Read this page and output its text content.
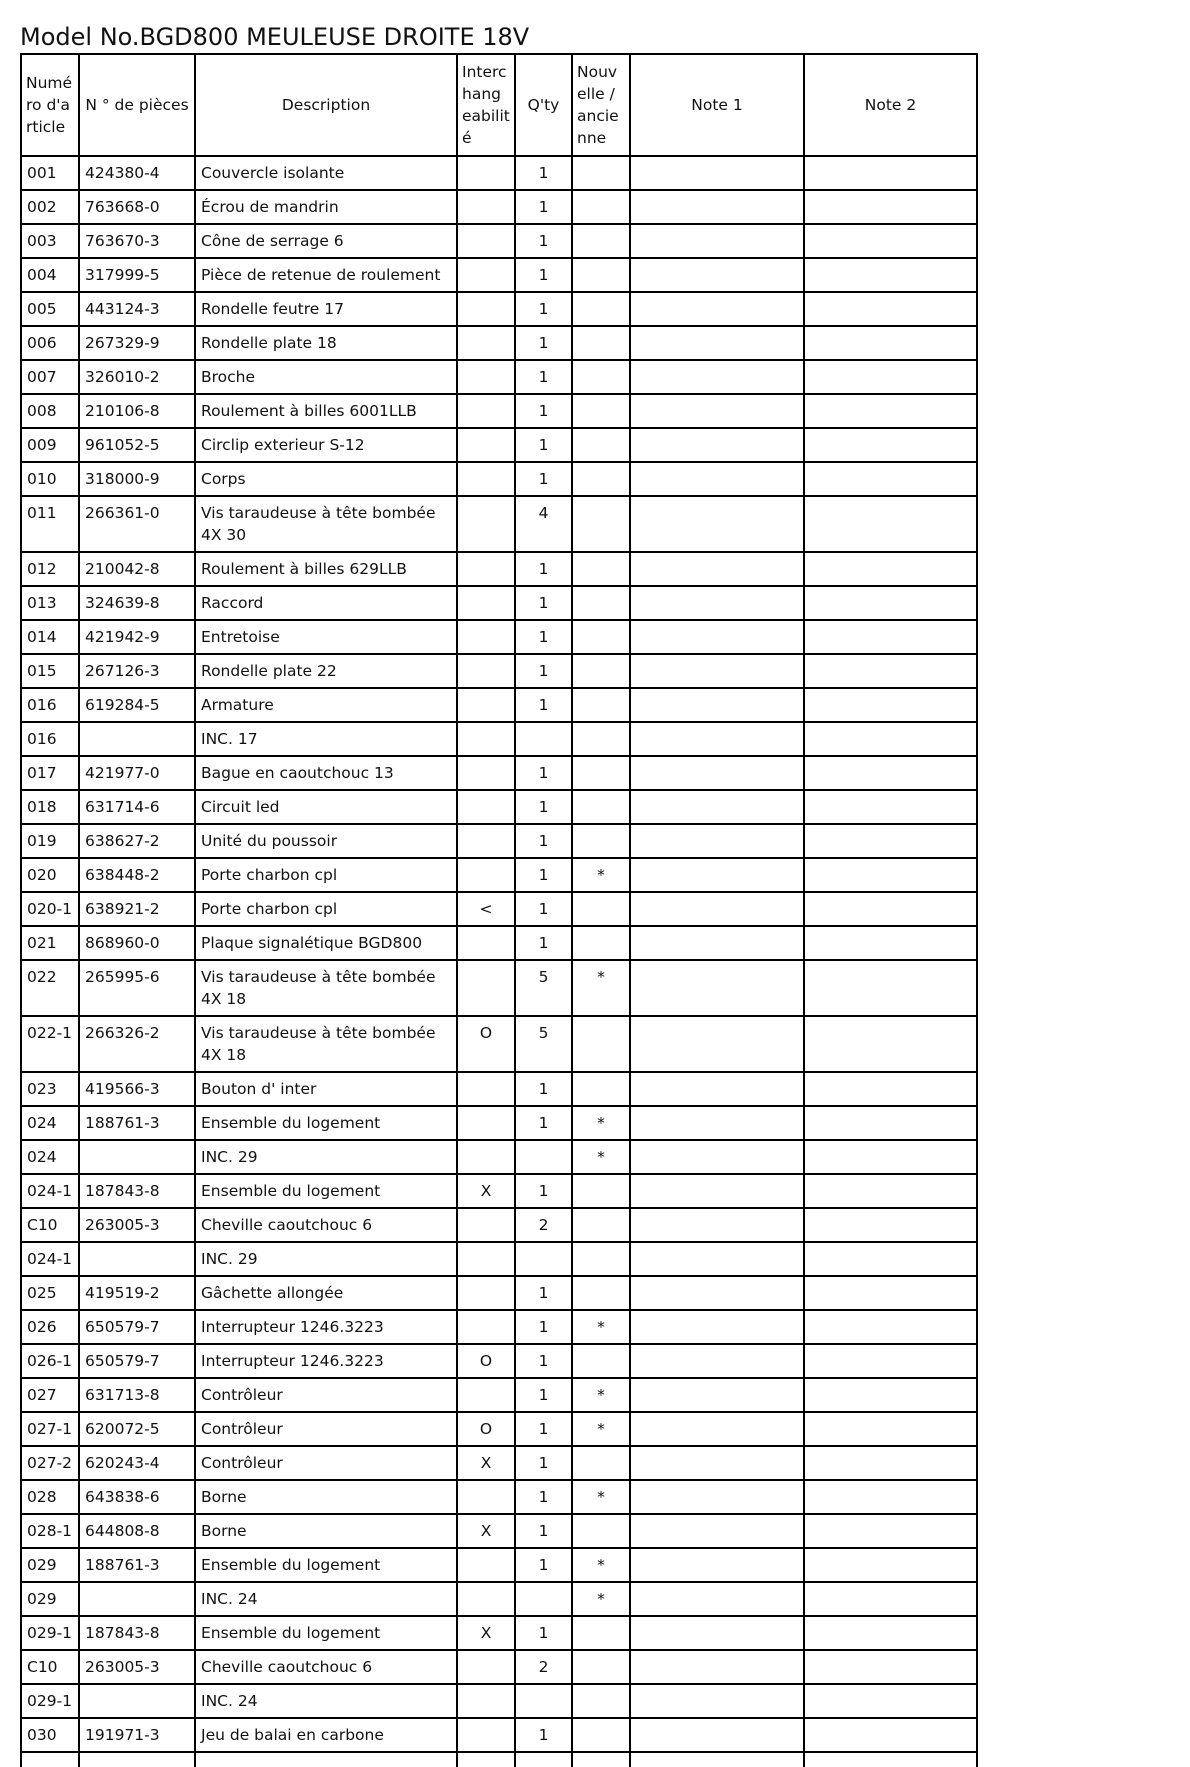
Model No.BGD800 MEULEUSE DROITE 18V
Numé ro d'a rticle	N ° de pièces	Description	Interc hang eabilit é	Q'ty	Nouv elle / ancie nne	Note 1	Note 2
001	424380-4	Couvercle isolante		1			
002	763668-0	Écrou de mandrin		1			
003	763670-3	Cône de serrage 6		1			
004	317999-5	Pièce de retenue de roulement		1			
005	443124-3	Rondelle feutre 17		1			
006	267329-9	Rondelle plate 18		1			
007	326010-2	Broche		1			
008	210106-8	Roulement à billes 6001LLB		1			
009	961052-5	Circlip exterieur S-12		1			
010	318000-9	Corps		1			
011	266361-0	Vis taraudeuse à tête bombée 4X 30		4			
012	210042-8	Roulement à billes 629LLB		1			
013	324639-8	Raccord		1			
014	421942-9	Entretoise		1			
015	267126-3	Rondelle plate 22		1			
016	619284-5	Armature		1			
016		INC. 17					
017	421977-0	Bague en caoutchouc 13		1			
018	631714-6	Circuit led		1			
019	638627-2	Unité du poussoir		1			
020	638448-2	Porte charbon cpl		1	*		
020-1	638921-2	Porte charbon cpl	<	1			
021	868960-0	Plaque signalétique BGD800		1			
022	265995-6	Vis taraudeuse à tête bombée 4X 18		5	*		
022-1	266326-2	Vis taraudeuse à tête bombée 4X 18	O	5			
023	419566-3	Bouton d' inter		1			
024	188761-3	Ensemble du logement		1	*		
024		INC. 29			*		
024-1	187843-8	Ensemble du logement	X	1			
C10	263005-3	Cheville caoutchouc 6		2			
024-1		INC. 29					
025	419519-2	Gâchette allongée		1			
026	650579-7	Interrupteur 1246.3223		1	*		
026-1	650579-7	Interrupteur 1246.3223	O	1			
027	631713-8	Contrôleur		1	*		
027-1	620072-5	Contrôleur	O	1	*		
027-2	620243-4	Contrôleur	X	1			
028	643838-6	Borne		1	*		
028-1	644808-8	Borne	X	1			
029	188761-3	Ensemble du logement		1	*		
029		INC. 24			*		
029-1	187843-8	Ensemble du logement	X	1			
C10	263005-3	Cheville caoutchouc 6		2			
029-1		INC. 24					
030	191971-3	Jeu de balai en carbone		1			
